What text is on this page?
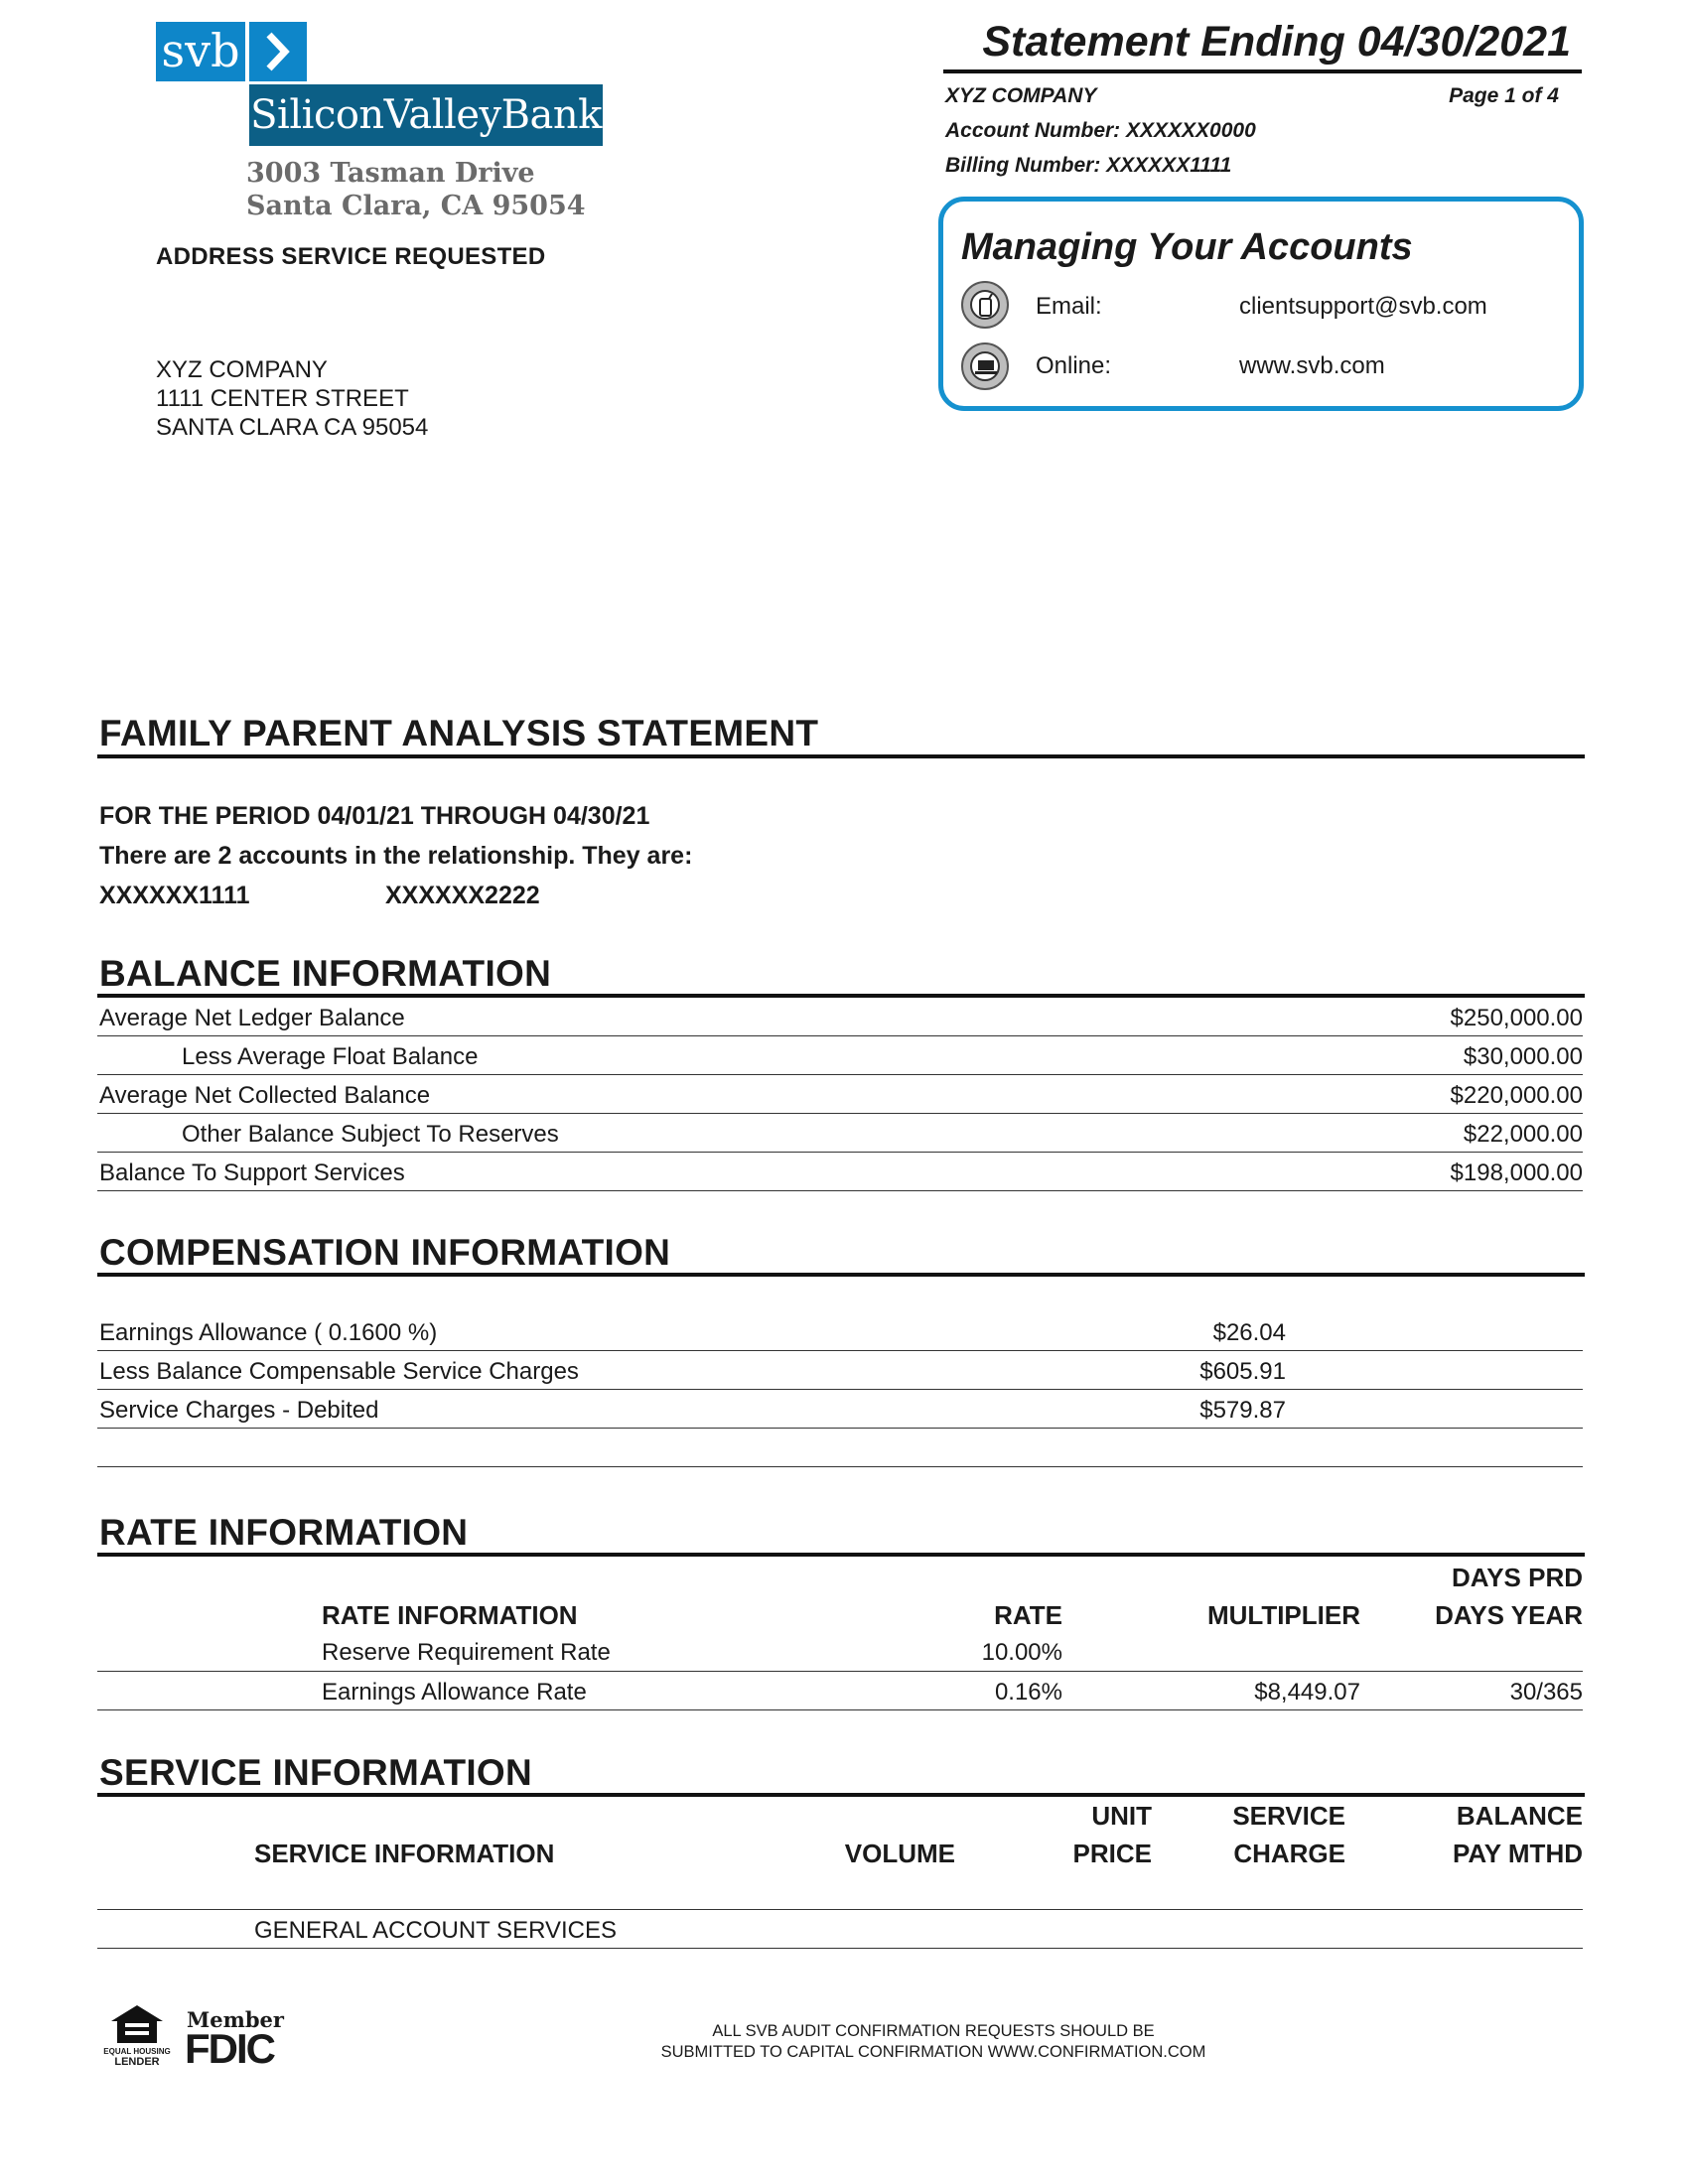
svb
SiliconValleyBank
3003 Tasman Drive
Santa Clara, CA 95054
ADDRESS SERVICE REQUESTED
XYZ COMPANY
1111 CENTER STREET
SANTA CLARA CA 95054
Statement Ending 04/30/2021
XYZ COMPANY	Page 1 of 4
Account Number: XXXXXX0000
Billing Number: XXXXXX1111
Managing Your Accounts
Email:	clientsupport@svb.com
Online:	www.svb.com
FAMILY PARENT ANALYSIS STATEMENT
FOR THE PERIOD 04/01/21 THROUGH 04/30/21
There are 2 accounts in the relationship. They are:
XXXXXX1111	XXXXXX2222
BALANCE INFORMATION
Average Net Ledger Balance	$250,000.00
Less Average Float Balance	$30,000.00
Average Net Collected Balance	$220,000.00
Other Balance Subject To Reserves	$22,000.00
Balance To Support Services	$198,000.00
COMPENSATION INFORMATION
Earnings Allowance ( 0.1600 %)	$26.04
Less Balance Compensable Service Charges	$605.91
Service Charges - Debited	$579.87
RATE INFORMATION
DAYS PRD
RATE INFORMATION	RATE	MULTIPLIER	DAYS YEAR
Reserve Requirement Rate	10.00%
Earnings Allowance Rate	0.16%	$8,449.07	30/365
SERVICE INFORMATION
UNIT	SERVICE	BALANCE
SERVICE INFORMATION	VOLUME	PRICE	CHARGE	PAY MTHD
GENERAL ACCOUNT SERVICES
EQUAL HOUSING
LENDER
Member
FDIC	ALL SVB AUDIT CONFIRMATION REQUESTS SHOULD BE
SUBMITTED TO CAPITAL CONFIRMATION WWW.CONFIRMATION.COM
